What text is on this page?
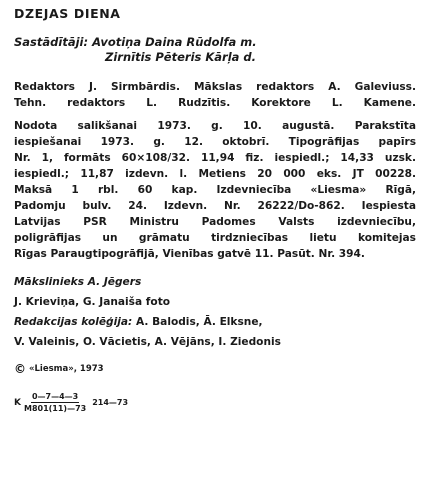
DZEJAS DIENA
Sastādītāji: Avotiņa Daina Rūdolfa m.
Zirnītis Pēteris Kārļa d.
Redaktors J. Sirmbārdis. Mākslas redaktors A. Galeviuss.
Tehn. redaktors L. Rudzītis. Korektore L. Kamene.
Nodota salikšanai 1973. g. 10. augustā. Parakstīta
iespiešanai 1973. g. 12. oktobrī. Tipogrāfijas papīrs
Nr. 1, formāts 60×108/32. 11,94 fiz. iespiedl.; 14,33 uzsk.
iespiedl.; 11,87 izdevn. l. Metiens 20 000 eks. JT 00228.
Maksā 1 rbl. 60 kap. Izdevniecība «Liesma» Rīgā,
Padomju bulv. 24. Izdevn. Nr. 26222/Do-862. Iespiesta
Latvijas PSR Ministru Padomes Valsts izdevniecību,
poligrāfijas un grāmatu tirdzniecības lietu komitejas
Rīgas Paraugtipogrāfijā, Vienības gatvē 11. Pasūt. Nr. 394.
Mākslinieks A. Jēgers
J. Krieviņa, G. Janaiša foto
Redakcijas kolēģija: A. Balodis, Ā. Elksne,
V. Valeinis, O. Vācietis, A. Vējāns, I. Ziedonis
© «Liesma», 1973
K $\frac{0—7—4—3}{M801(11)—73}$ 214—73
